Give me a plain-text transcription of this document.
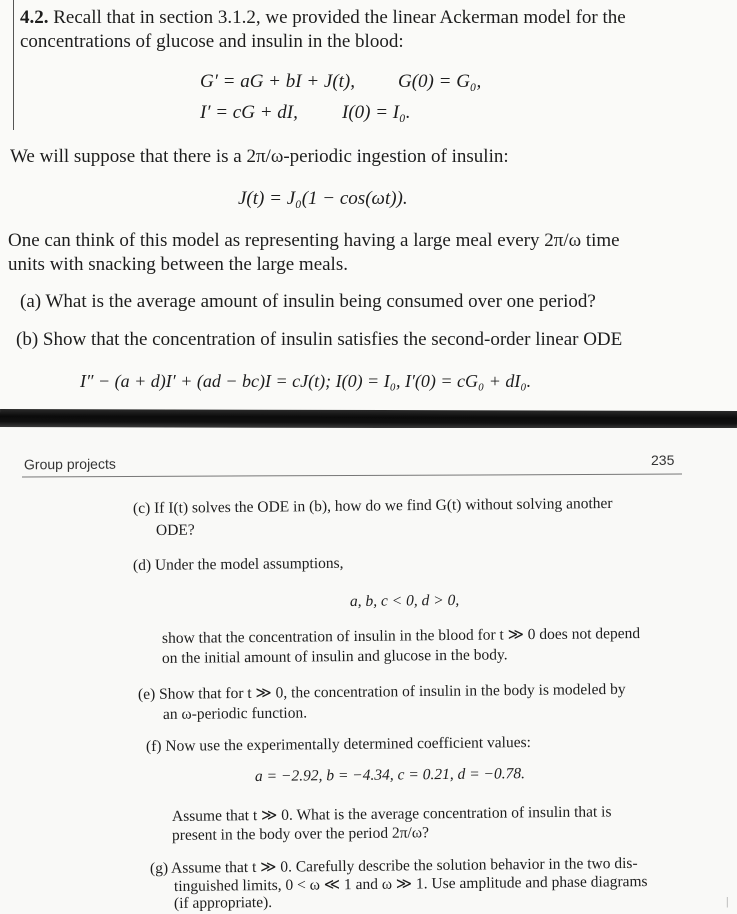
4.2. Recall that in section 3.1.2, we provided the linear Ackerman model for the
concentrations of glucose and insulin in the blood:
G′ = aG + bI + J(t), G(0) = G₀,
I′ = cG + dI, I(0) = I₀.
We will suppose that there is a 2π/ω-periodic ingestion of insulin:
J(t) = J₀(1 − cos(ωt)).
One can think of this model as representing having a large meal every 2π/ω time
units with snacking between the large meals.
(a) What is the average amount of insulin being consumed over one period?
(b) Show that the concentration of insulin satisfies the second-order linear ODE
I″ − (a + d)I′ + (ad − bc)I = cJ(t); I(0) = I₀, I′(0) = cG₀ + dI₀.
Group projects	235
(c) If I(t) solves the ODE in (b), how do we find G(t) without solving another
ODE?
(d) Under the model assumptions,
a, b, c < 0, d > 0,
show that the concentration of insulin in the blood for t ≫ 0 does not depend
on the initial amount of insulin and glucose in the body.
(e) Show that for t ≫ 0, the concentration of insulin in the body is modeled by
an ω-periodic function.
(f) Now use the experimentally determined coefficient values:
a = −2.92, b = −4.34, c = 0.21, d = −0.78.
Assume that t ≫ 0. What is the average concentration of insulin that is
present in the body over the period 2π/ω?
(g) Assume that t ≫ 0. Carefully describe the solution behavior in the two dis-
tinguished limits, 0 < ω ≪ 1 and ω ≫ 1. Use amplitude and phase diagrams
(if appropriate).	|
